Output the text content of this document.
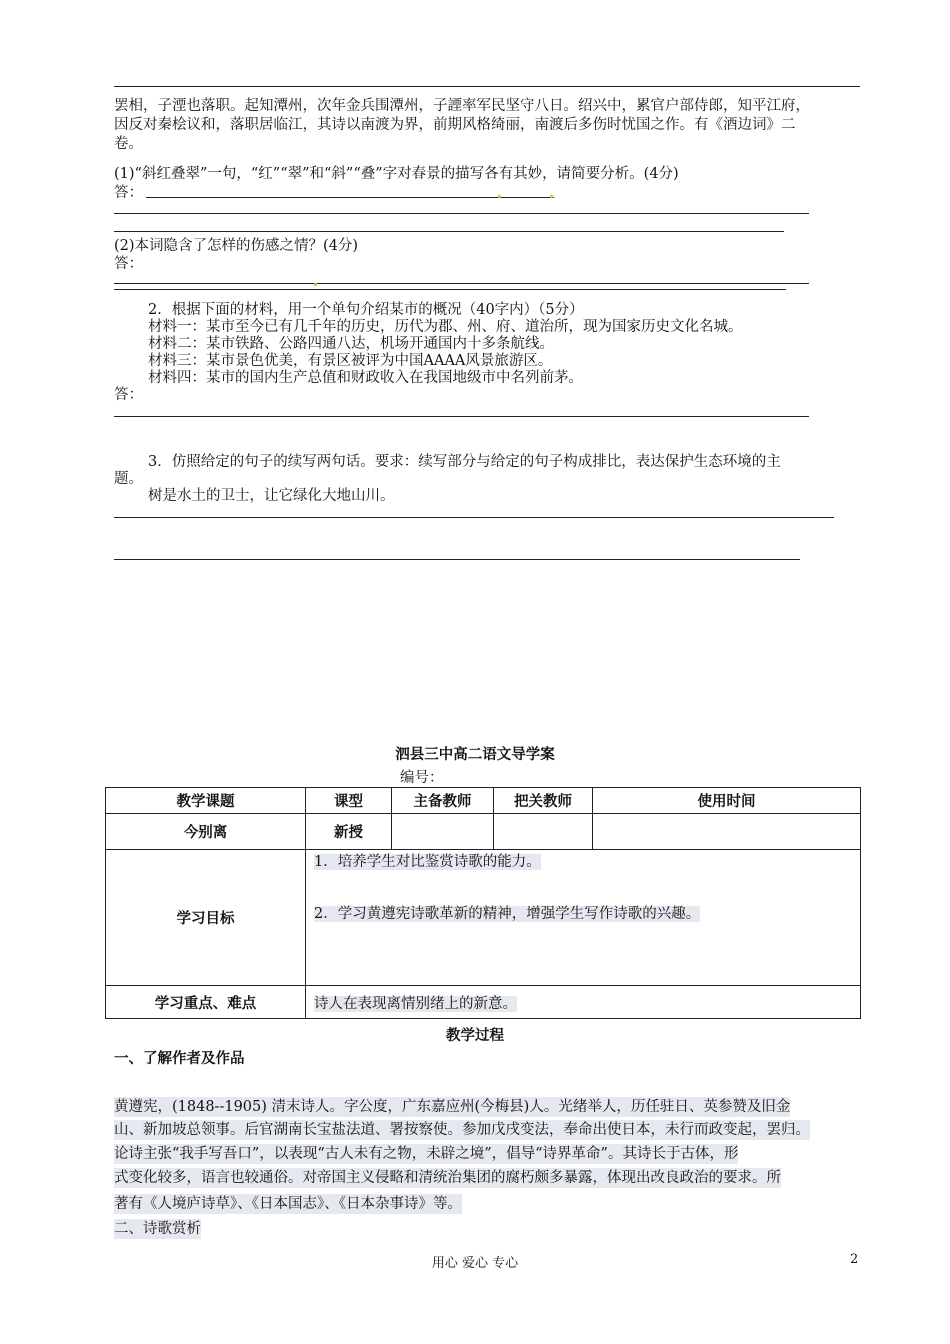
罢相，子湮也落职。起知潭州，次年金兵围潭州，子諲率军民坚守八日。绍兴中，累官户部侍郎，知平江府，
因反对秦桧议和，落职居临江，其诗以南渡为界，前期风格绮丽，南渡后多伤时忧国之作。有《酒边词》二
卷。
(1)“斜红叠翠”一句，“红”“翠”和“斜”“叠”字对春景的描写各有其妙，请简要分析。(4分)
答：
(2)本词隐含了怎样的伤感之情？(4分)
答：
2．根据下面的材料，用一个单句介绍某市的概况（40字内）（5分）
材料一：某市至今已有几千年的历史，历代为郡、州、府、道治所，现为国家历史文化名城。
材料二：某市铁路、公路四通八达，机场开通国内十多条航线。
材料三：某市景色优美，有景区被评为中国AAAA风景旅游区。
材料四：某市的国内生产总值和财政收入在我国地级市中名列前茅。
答：
3．仿照给定的句子的续写两句话。要求：续写部分与给定的句子构成排比，表达保护生态环境的主
题。
树是水土的卫士，让它绿化大地山川。
泗县三中高二语文导学案
编号：
教学课题	课型	主备教师	把关教师	使用时间
今别离	新授			
学习目标	1．培养学生对比鉴赏诗歌的能力。
2．学习黄遵宪诗歌革新的精神，增强学生写作诗歌的兴趣。			

学习重点、难点	诗人在表现离情别绪上的新意。			
教学过程
一、了解作者及作品
黄遵宪，(1848--1905) 清末诗人。字公度，广东嘉应州(今梅县)人。光绪举人，历任驻日、英参赞及旧金
山、新加坡总领事。后官湖南长宝盐法道、署按察使。参加戊戌变法，奉命出使日本，未行而政变起，罢归。
论诗主张“我手写吾口”，以表现“古人未有之物，未辟之境”，倡导“诗界革命”。其诗长于古体，形
式变化较多，语言也较通俗。对帝国主义侵略和清统治集团的腐朽颇多暴露，体现出改良政治的要求。所
著有《人境庐诗草》、《日本国志》、《日本杂事诗》等。
二、诗歌赏析
用心 爱心 专心	2
